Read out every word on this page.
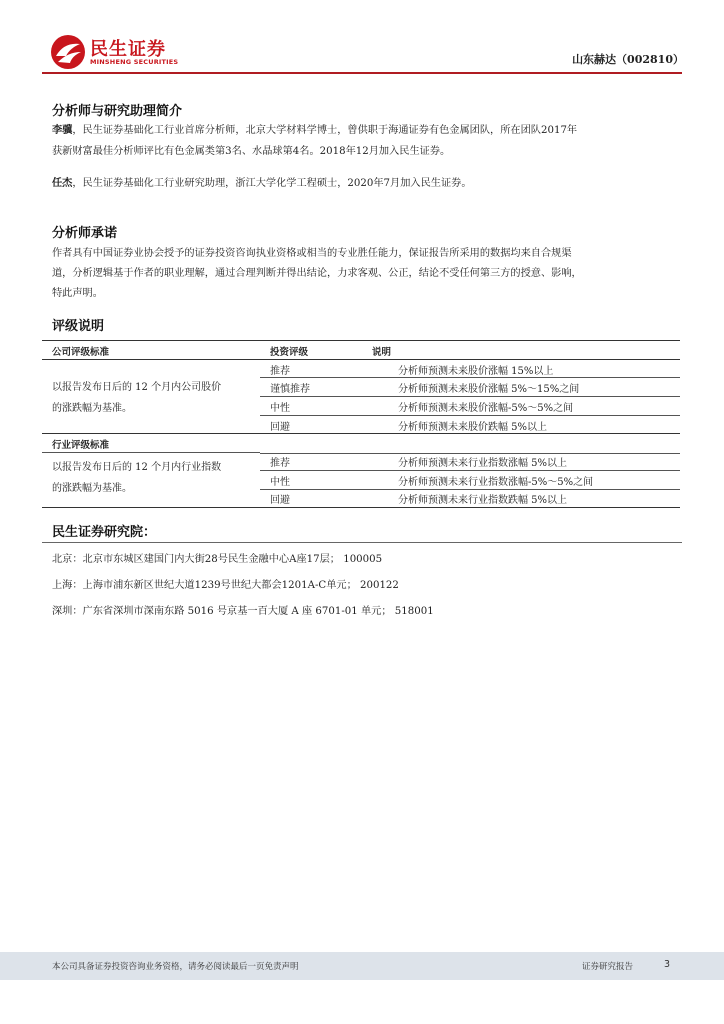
民生证券
MINSHENG SECURITIES	山东赫达（002810）
分析师与研究助理简介
李骥，民生证券基础化工行业首席分析师，北京大学材料学博士，曾供职于海通证券有色金属团队，所在团队2017年
获新财富最佳分析师评比有色金属类第3名、水晶球第4名。2018年12月加入民生证券。
任杰，民生证券基础化工行业研究助理，浙江大学化学工程硕士，2020年7月加入民生证券。
分析师承诺
作者具有中国证券业协会授予的证券投资咨询执业资格或相当的专业胜任能力，保证报告所采用的数据均来自合规渠
道，分析逻辑基于作者的职业理解，通过合理判断并得出结论，力求客观、公正，结论不受任何第三方的授意、影响，
特此声明。
评级说明
公司评级标准	投资评级	说明
以报告发布日后的 12 个月内公司股价
的涨跌幅为基准。
推荐	分析师预测未来股价涨幅 15%以上
谨慎推荐	分析师预测未来股价涨幅 5%～15%之间
中性	分析师预测未来股价涨幅-5%～5%之间
回避	分析师预测未来股价跌幅 5%以上
行业评级标准
以报告发布日后的 12 个月内行业指数
的涨跌幅为基准。
推荐	分析师预测未来行业指数涨幅 5%以上
中性	分析师预测未来行业指数涨幅-5%～5%之间
回避	分析师预测未来行业指数跌幅 5%以上
民生证券研究院：
北京：北京市东城区建国门内大街28号民生金融中心A座17层； 100005
上海：上海市浦东新区世纪大道1239号世纪大都会1201A-C单元； 200122
深圳：广东省深圳市深南东路 5016 号京基一百大厦 A 座 6701-01 单元； 518001
本公司具备证券投资咨询业务资格，请务必阅读最后一页免责声明	证券研究报告	3
